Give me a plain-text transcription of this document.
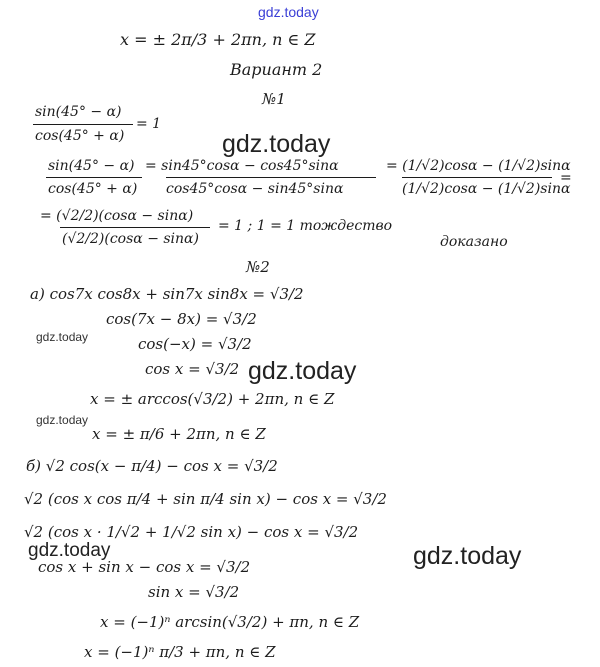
gdz.today
gdz.today
gdz.today
gdz.today
gdz.today
gdz.today
gdz.today
x = ± 2π/3 + 2πn, n ∈ Z
Вариант 2
№1
sin(45° − α)
cos(45° + α)
= 1
sin(45° − α)
cos(45° + α)
= sin45°cosα − cos45°sinα
cos45°cosα − sin45°sinα
= (1/√2)cosα − (1/√2)sinα
(1/√2)cosα − (1/√2)sinα
=
= (√2/2)(cosα − sinα)
(√2/2)(cosα − sinα)
= 1 ; 1 = 1 тождество
доказано
№2
a) cos7x cos8x + sin7x sin8x = √3/2
cos(7x − 8x) = √3/2
cos(−x) = √3/2
cos x = √3/2
x = ± arccos(√3/2) + 2πn, n ∈ Z
x = ± π/6 + 2πn, n ∈ Z
б) √2 cos(x − π/4) − cos x = √3/2
√2 (cos x cos π/4 + sin π/4 sin x) − cos x = √3/2
√2 (cos x · 1/√2 + 1/√2 sin x) − cos x = √3/2
cos x + sin x − cos x = √3/2
sin x = √3/2
x = (−1)ⁿ arcsin(√3/2) + πn, n ∈ Z
x = (−1)ⁿ π/3 + πn, n ∈ Z
